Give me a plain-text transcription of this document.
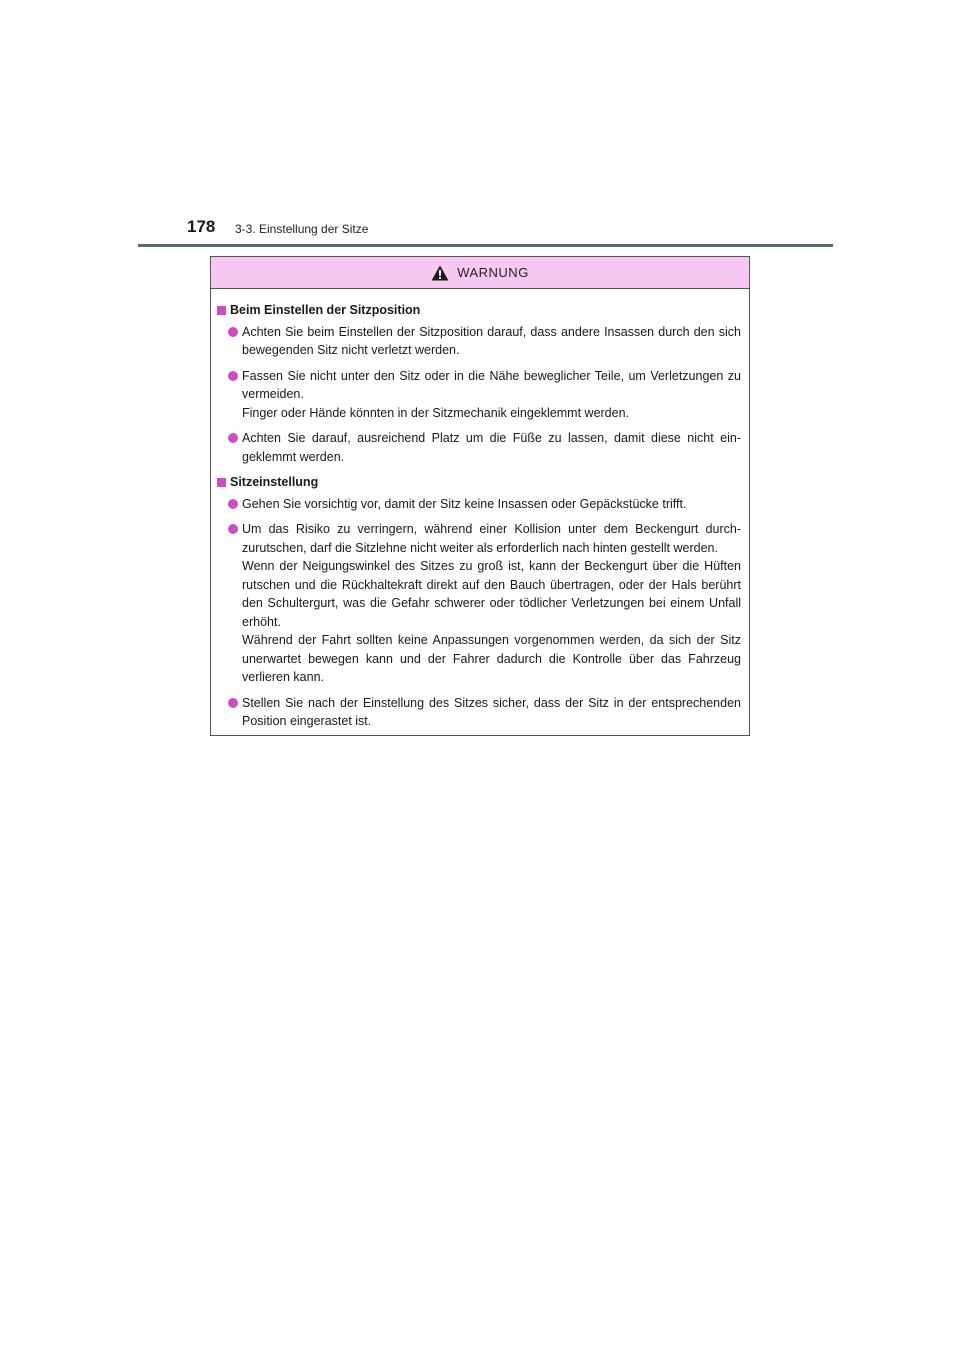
178 3-3. Einstellung der Sitze
WARNUNG
Beim Einstellen der Sitzposition
Achten Sie beim Einstellen der Sitzposition darauf, dass andere Insassen durch den sich bewegenden Sitz nicht verletzt werden.
Fassen Sie nicht unter den Sitz oder in die Nähe beweglicher Teile, um Verletzungen zu vermeiden.
Finger oder Hände könnten in der Sitzmechanik eingeklemmt werden.
Achten Sie darauf, ausreichend Platz um die Füße zu lassen, damit diese nicht eingeklemmt werden.
Sitzeinstellung
Gehen Sie vorsichtig vor, damit der Sitz keine Insassen oder Gepäckstücke trifft.
Um das Risiko zu verringern, während einer Kollision unter dem Beckengurt durchzurutschen, darf die Sitzlehne nicht weiter als erforderlich nach hinten gestellt werden.
Wenn der Neigungswinkel des Sitzes zu groß ist, kann der Beckengurt über die Hüften rutschen und die Rückhaltekraft direkt auf den Bauch übertragen, oder der Hals berührt den Schultergurt, was die Gefahr schwerer oder tödlicher Verletzungen bei einem Unfall erhöht.
Während der Fahrt sollten keine Anpassungen vorgenommen werden, da sich der Sitz unerwartet bewegen kann und der Fahrer dadurch die Kontrolle über das Fahrzeug verlieren kann.
Stellen Sie nach der Einstellung des Sitzes sicher, dass der Sitz in der entsprechenden Position eingerastet ist.
